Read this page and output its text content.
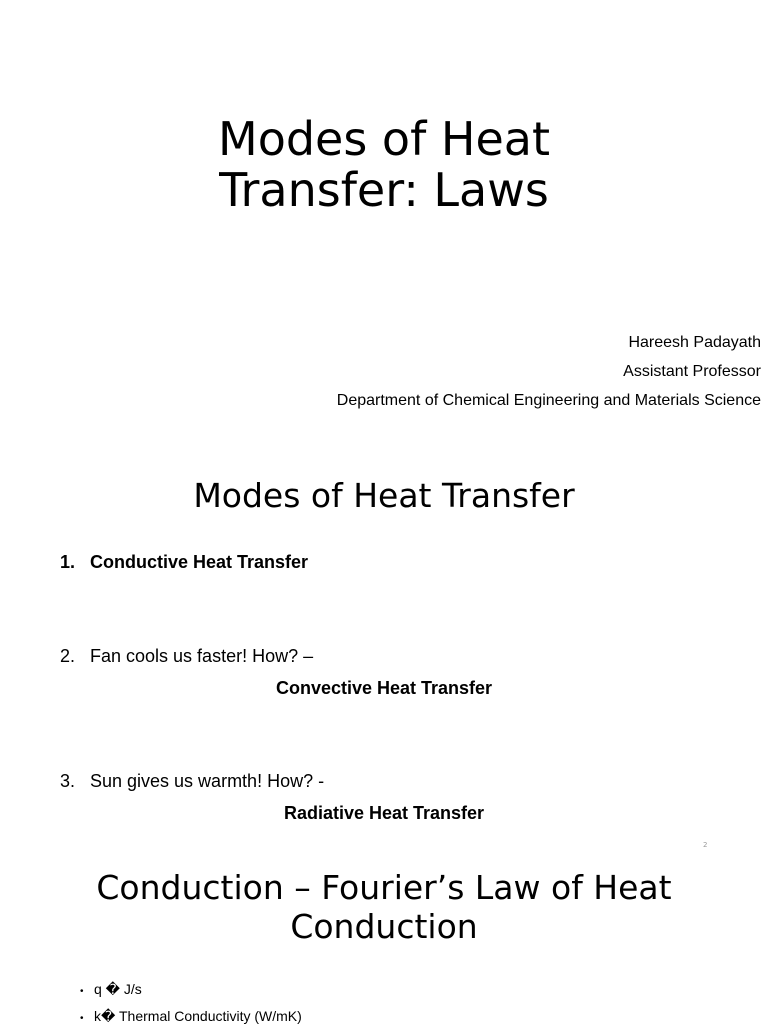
Modes of Heat
Transfer: Laws
Hareesh Padayath
Assistant Professor
Department of Chemical Engineering and Materials Science
Modes of Heat Transfer
1. Conductive Heat Transfer
2. Fan cools us faster! How? –
Convective Heat Transfer
3. Sun gives us warmth! How? -
Radiative Heat Transfer
2
Conduction – Fourier’s Law of Heat
Conduction
• q � J/s
• k� Thermal Conductivity (W/mK)
